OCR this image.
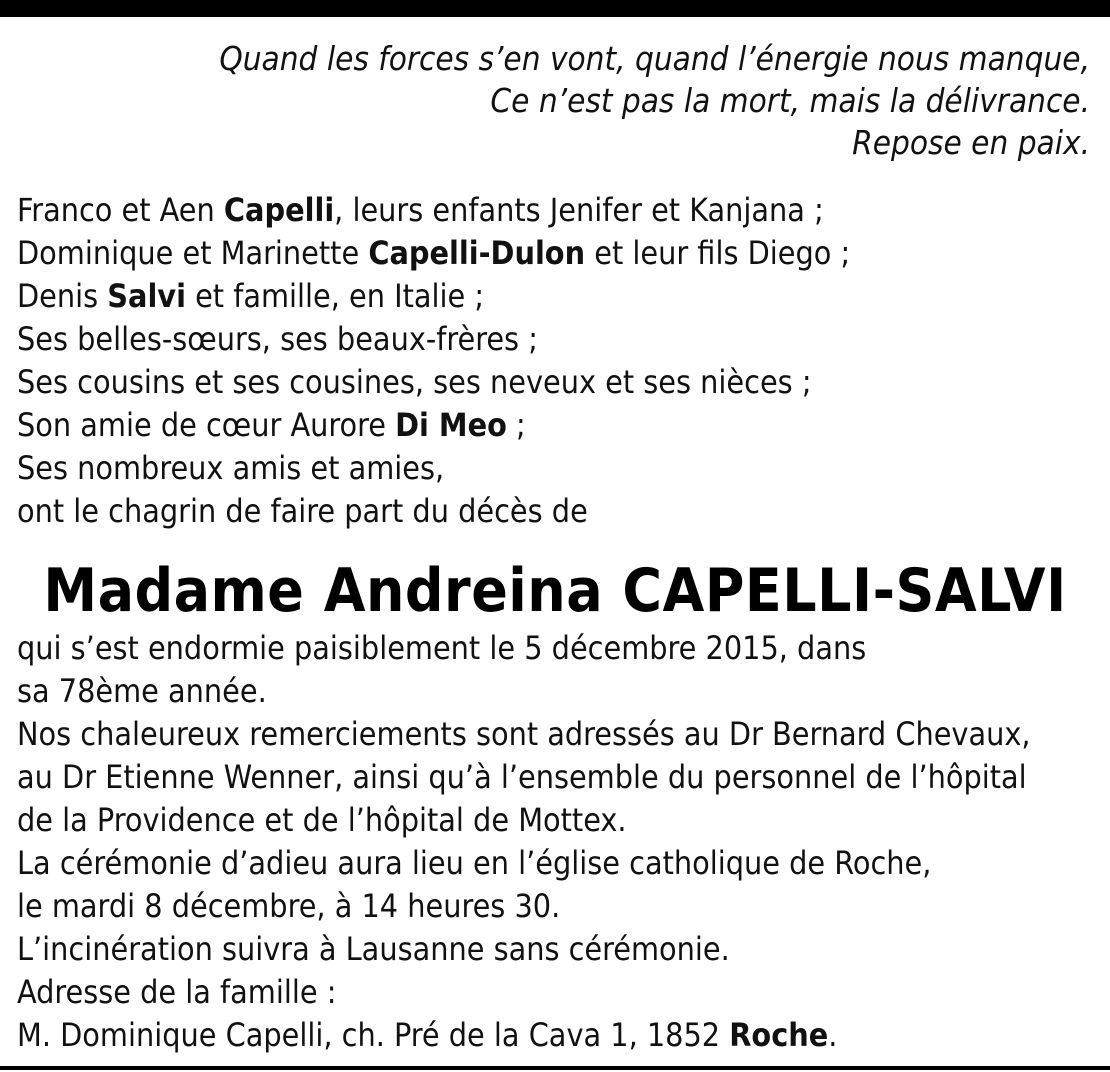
Quand les forces s’en vont, quand l’énergie nous manque,
Ce n’est pas la mort, mais la délivrance.
Repose en paix.
Franco et Aen Capelli, leurs enfants Jenifer et Kanjana ;
Dominique et Marinette Capelli-Dulon et leur fils Diego ;
Denis Salvi et famille, en Italie ;
Ses belles-sœurs, ses beaux-frères ;
Ses cousins et ses cousines, ses neveux et ses nièces ;
Son amie de cœur Aurore Di Meo ;
Ses nombreux amis et amies,
ont le chagrin de faire part du décès de
Madame Andreina CAPELLI-SALVI
qui s’est endormie paisiblement le 5 décembre 2015, dans
sa 78ème année.
Nos chaleureux remerciements sont adressés au Dr Bernard Chevaux,
au Dr Etienne Wenner, ainsi qu’à l’ensemble du personnel de l’hôpital
de la Providence et de l’hôpital de Mottex.
La cérémonie d’adieu aura lieu en l’église catholique de Roche,
le mardi 8 décembre, à 14 heures 30.
L’incinération suivra à Lausanne sans cérémonie.
Adresse de la famille :
M. Dominique Capelli, ch. Pré de la Cava 1, 1852 Roche.
